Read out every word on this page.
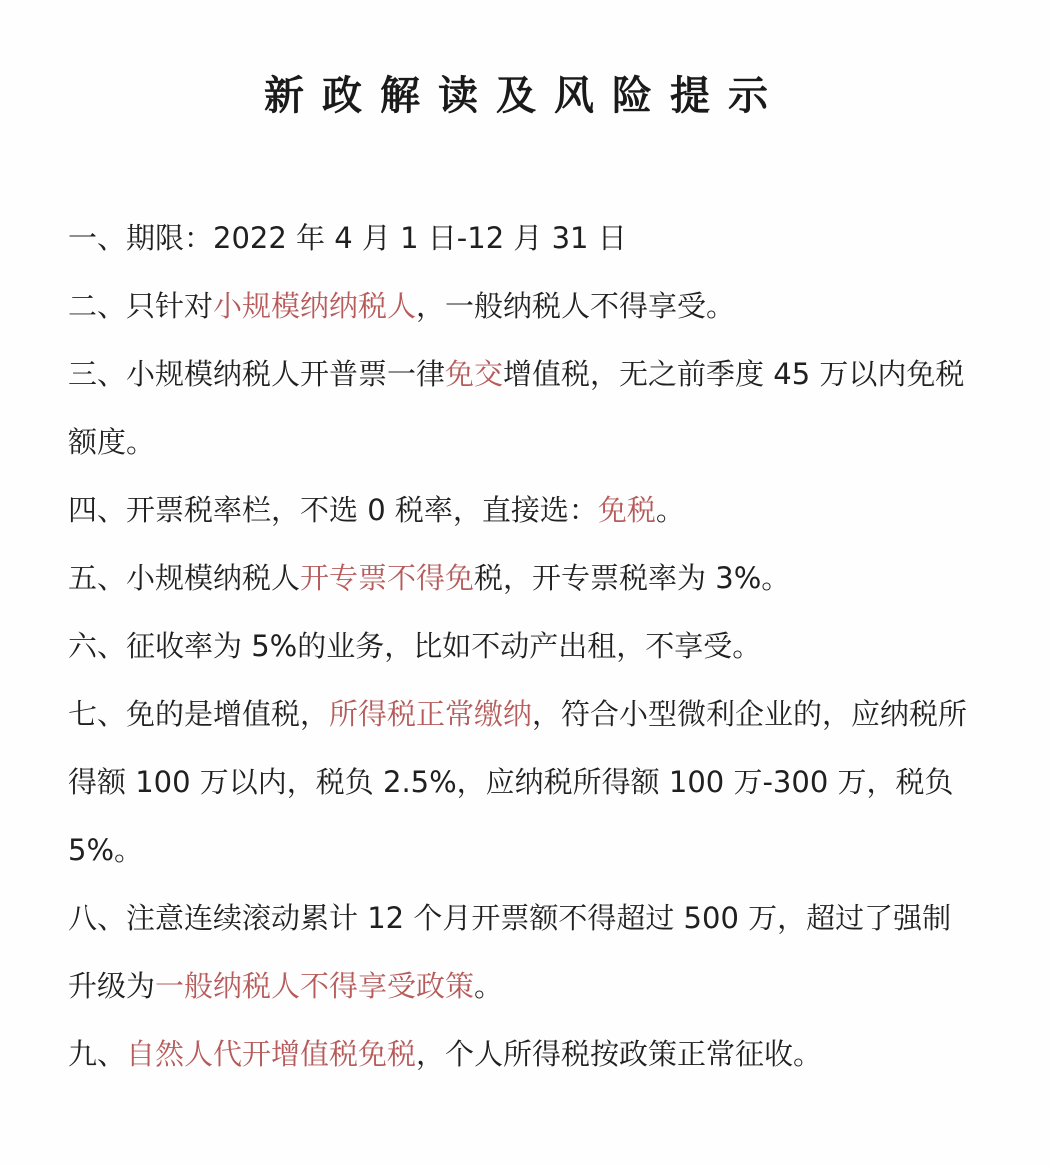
新政解读及风险提示

一、期限：2022 年 4 月 1 日-12 月 31 日

二、只针对小规模纳纳税人，一般纳税人不得享受。

三、小规模纳税人开普票一律免交增值税，无之前季度 45 万以内免税额度。

四、开票税率栏，不选 0 税率，直接选：免税。

五、小规模纳税人开专票不得免税，开专票税率为 3%。

六、征收率为 5%的业务，比如不动产出租，不享受。

七、免的是增值税，所得税正常缴纳，符合小型微利企业的，应纳税所得额 100 万以内，税负 2.5%，应纳税所得额 100 万-300 万，税负 5%。

八、注意连续滚动累计 12 个月开票额不得超过 500 万，超过了强制升级为一般纳税人不得享受政策。

九、自然人代开增值税免税，个人所得税按政策正常征收。
